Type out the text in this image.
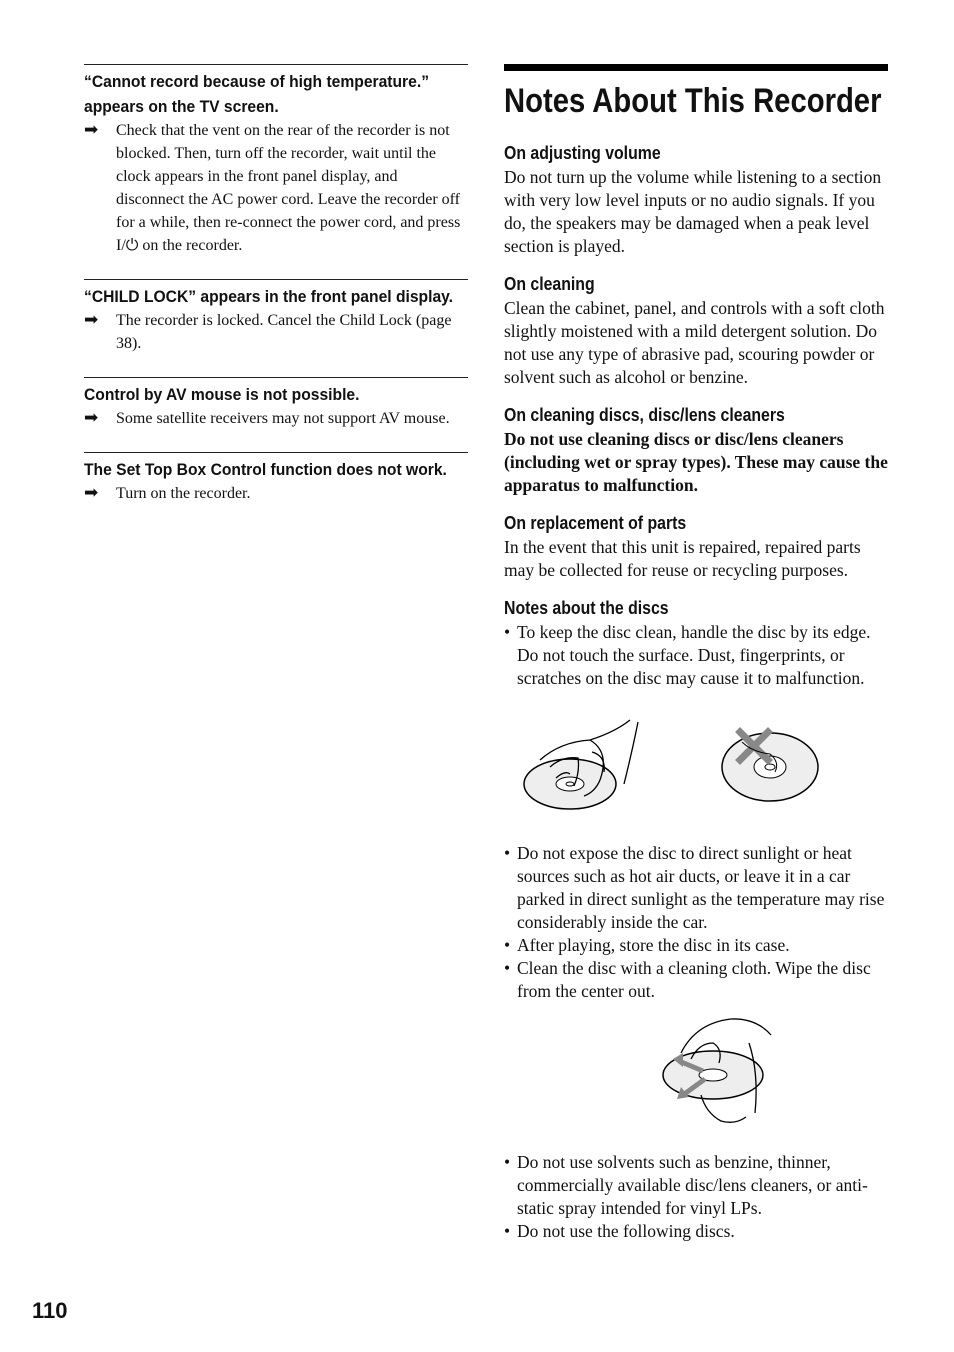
“Cannot record because of high temperature.” appears on the TV screen.
➡	Check that the vent on the rear of the recorder is not blocked. Then, turn off the recorder, wait until the clock appears in the front panel display, and disconnect the AC power cord. Leave the recorder off for a while, then re-connect the power cord, and press I/⏻ on the recorder.
“CHILD LOCK” appears in the front panel display.
➡	The recorder is locked. Cancel the Child Lock (page 38).
Control by AV mouse is not possible.
➡	Some satellite receivers may not support AV mouse.
The Set Top Box Control function does not work.
➡	Turn on the recorder.
Notes About This Recorder
On adjusting volume
Do not turn up the volume while listening to a section with very low level inputs or no audio signals. If you do, the speakers may be damaged when a peak level section is played.
On cleaning
Clean the cabinet, panel, and controls with a soft cloth slightly moistened with a mild detergent solution. Do not use any type of abrasive pad, scouring powder or solvent such as alcohol or benzine.
On cleaning discs, disc/lens cleaners
Do not use cleaning discs or disc/lens cleaners (including wet or spray types). These may cause the apparatus to malfunction.
On replacement of parts
In the event that this unit is repaired, repaired parts may be collected for reuse or recycling purposes.
Notes about the discs
• To keep the disc clean, handle the disc by its edge. Do not touch the surface. Dust, fingerprints, or scratches on the disc may cause it to malfunction.
• Do not expose the disc to direct sunlight or heat sources such as hot air ducts, or leave it in a car parked in direct sunlight as the temperature may rise considerably inside the car.
• After playing, store the disc in its case.
• Clean the disc with a cleaning cloth. Wipe the disc from the center out.
• Do not use solvents such as benzine, thinner, commercially available disc/lens cleaners, or anti-static spray intended for vinyl LPs.
• Do not use the following discs.
110
